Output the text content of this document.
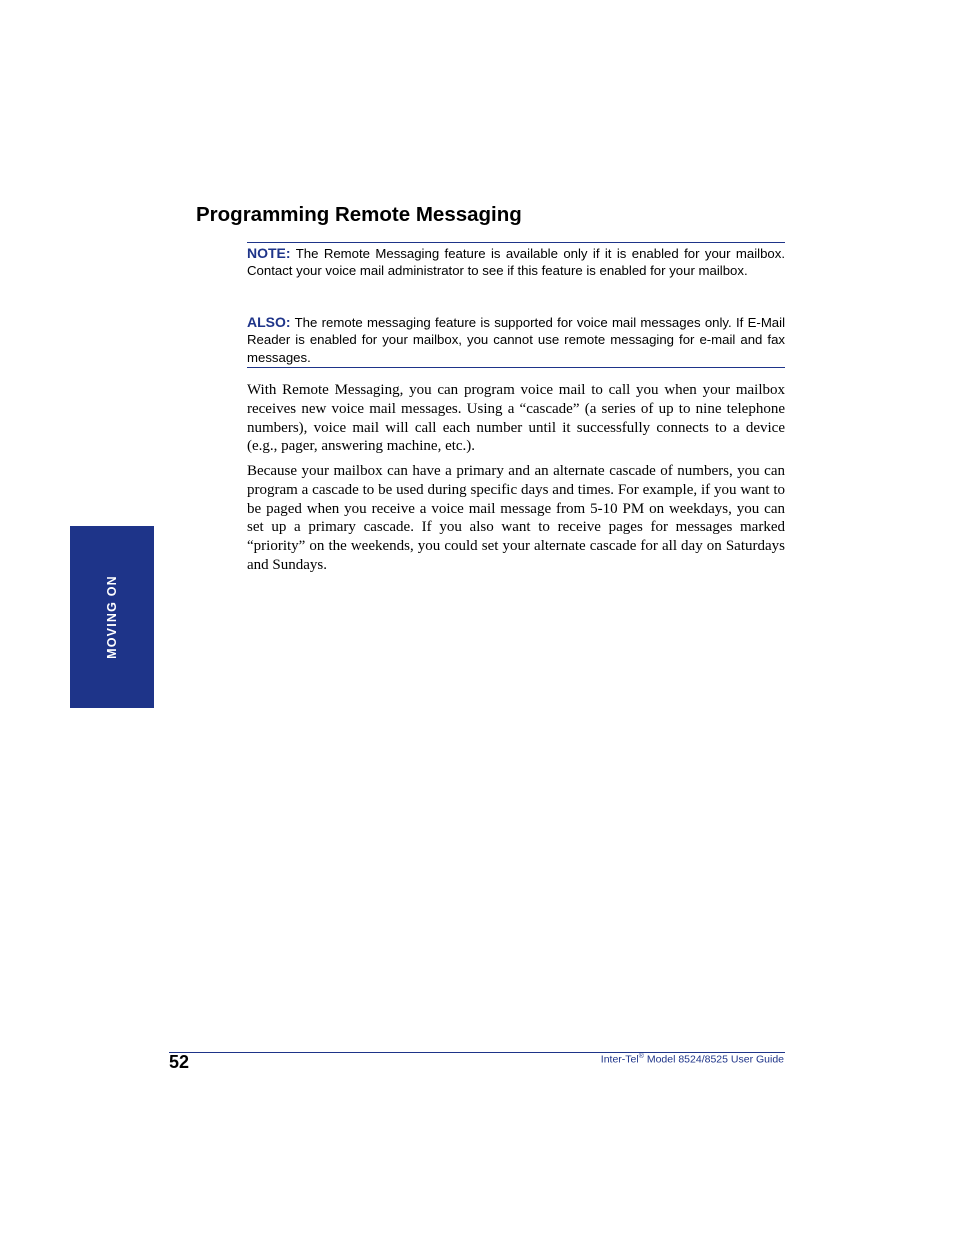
MOVING ON
Programming Remote Messaging

NOTE: The Remote Messaging feature is available only if it is enabled for your mailbox. Contact your voice mail administrator to see if this feature is enabled for your mailbox.

ALSO: The remote messaging feature is supported for voice mail messages only. If E-Mail Reader is enabled for your mailbox, you cannot use remote messaging for e-mail and fax messages.

With Remote Messaging, you can program voice mail to call you when your mailbox receives new voice mail messages. Using a “cascade” (a series of up to nine telephone numbers), voice mail will call each number until it successfully connects to a device (e.g., pager, answering machine, etc.).

Because your mailbox can have a primary and an alternate cascade of numbers, you can program a cascade to be used during specific days and times. For example, if you want to be paged when you receive a voice mail message from 5-10 PM on weekdays, you can set up a primary cascade. If you also want to receive pages for messages marked “priority” on the weekends, you could set your alternate cascade for all day on Saturdays and Sundays.

52	Inter-Tel® Model 8524/8525 User Guide
